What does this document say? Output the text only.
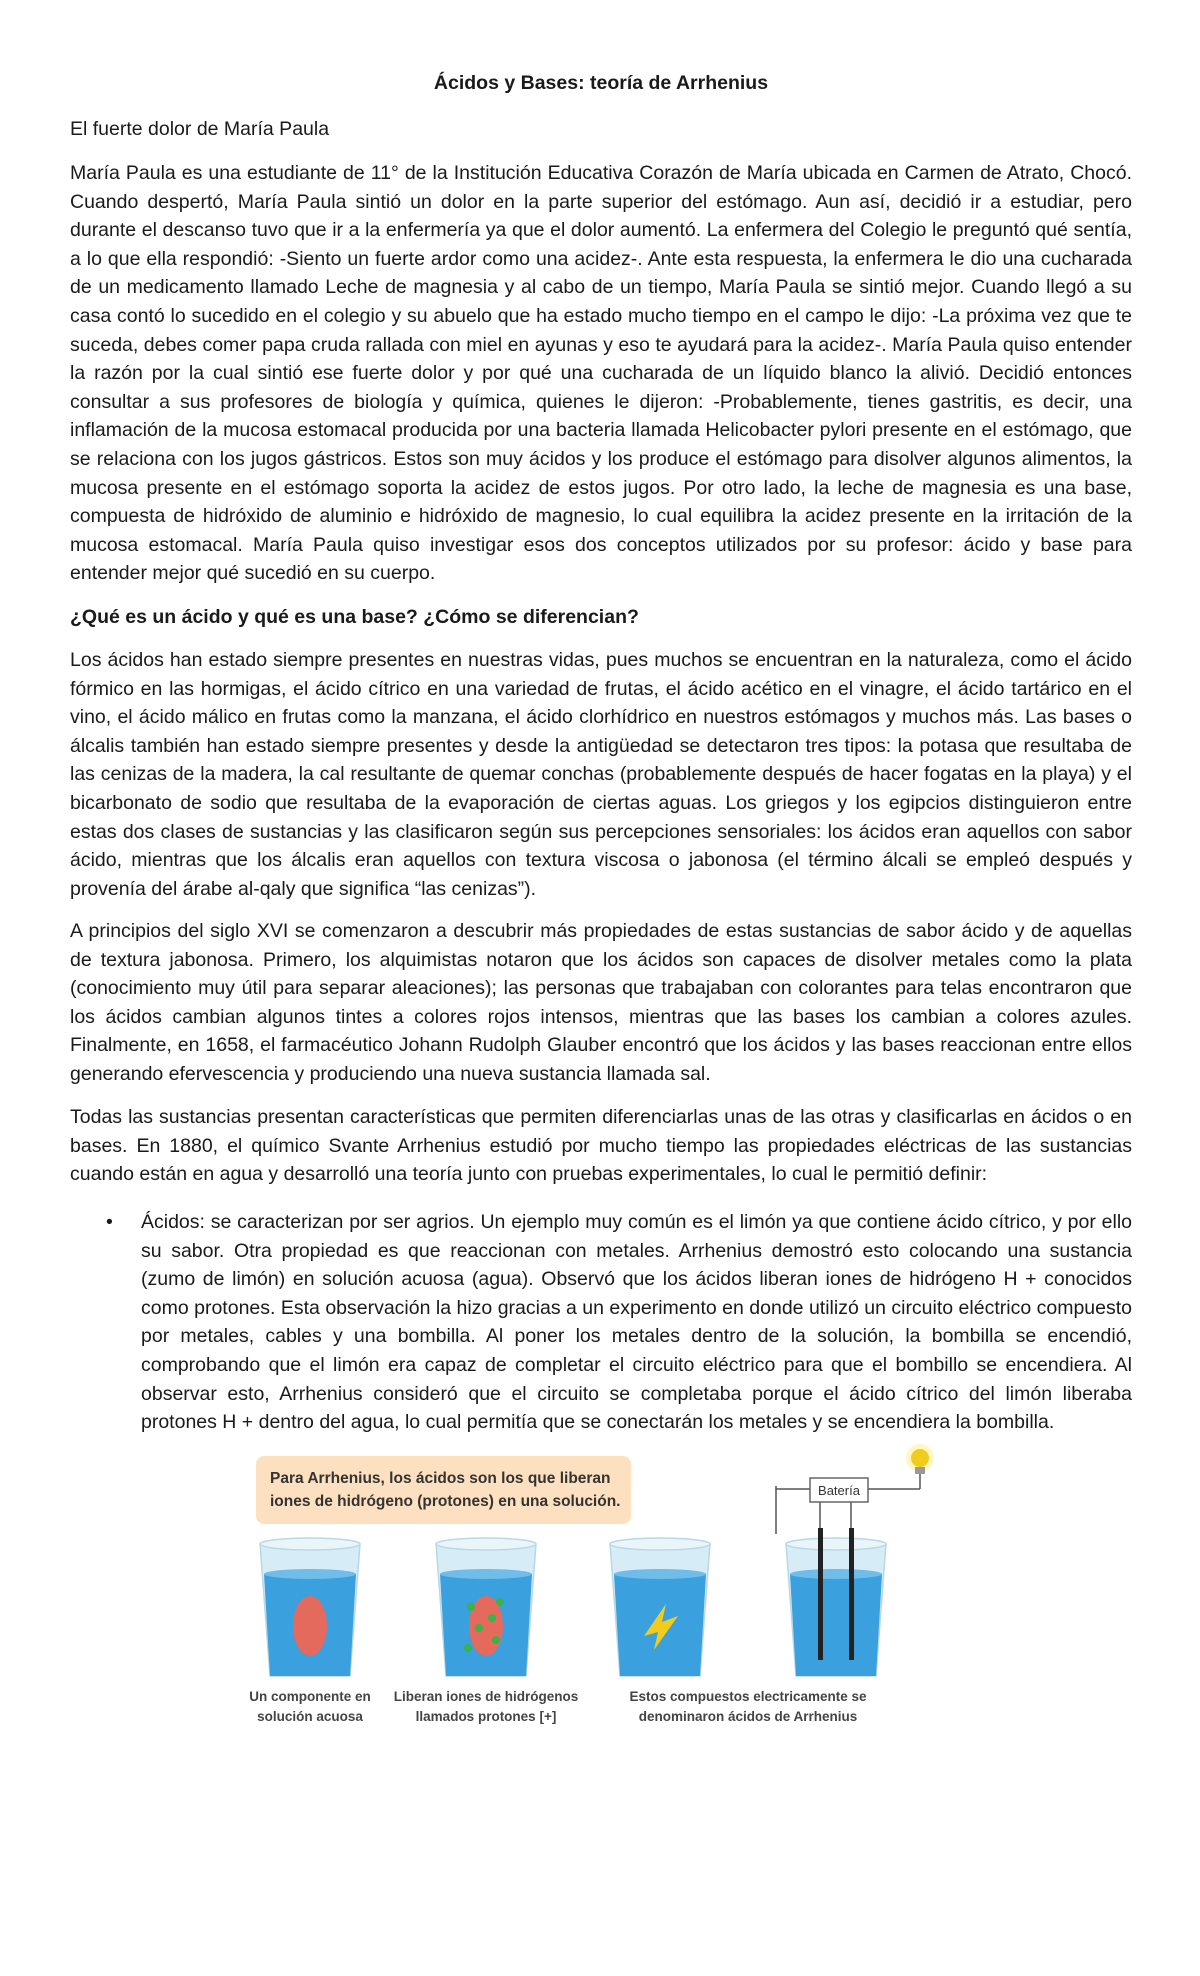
Ácidos y Bases: teoría de Arrhenius
El fuerte dolor de María Paula

María Paula es una estudiante de 11° de la Institución Educativa Corazón de María ubicada en Carmen de Atrato, Chocó. Cuando despertó, María Paula sintió un dolor en la parte superior del estómago. Aun así, decidió ir a estudiar, pero durante el descanso tuvo que ir a la enfermería ya que el dolor aumentó. La enfermera del Colegio le preguntó qué sentía, a lo que ella respondió: -Siento un fuerte ardor como una acidez-. Ante esta respuesta, la enfermera le dio una cucharada de un medicamento llamado Leche de magnesia y al cabo de un tiempo, María Paula se sintió mejor. Cuando llegó a su casa contó lo sucedido en el colegio y su abuelo que ha estado mucho tiempo en el campo le dijo: -La próxima vez que te suceda, debes comer papa cruda rallada con miel en ayunas y eso te ayudará para la acidez-. María Paula quiso entender la razón por la cual sintió ese fuerte dolor y por qué una cucharada de un líquido blanco la alivió. Decidió entonces consultar a sus profesores de biología y química, quienes le dijeron: -Probablemente, tienes gastritis, es decir, una inflamación de la mucosa estomacal producida por una bacteria llamada Helicobacter pylori presente en el estómago, que se relaciona con los jugos gástricos. Estos son muy ácidos y los produce el estómago para disolver algunos alimentos, la mucosa presente en el estómago soporta la acidez de estos jugos. Por otro lado, la leche de magnesia es una base, compuesta de hidróxido de aluminio e hidróxido de magnesio, lo cual equilibra la acidez presente en la irritación de la mucosa estomacal. María Paula quiso investigar esos dos conceptos utilizados por su profesor: ácido y base para entender mejor qué sucedió en su cuerpo.

¿Qué es un ácido y qué es una base? ¿Cómo se diferencian?

Los ácidos han estado siempre presentes en nuestras vidas, pues muchos se encuentran en la naturaleza, como el ácido fórmico en las hormigas, el ácido cítrico en una variedad de frutas, el ácido acético en el vinagre, el ácido tartárico en el vino, el ácido málico en frutas como la manzana, el ácido clorhídrico en nuestros estómagos y muchos más. Las bases o álcalis también han estado siempre presentes y desde la antigüedad se detectaron tres tipos: la potasa que resultaba de las cenizas de la madera, la cal resultante de quemar conchas (probablemente después de hacer fogatas en la playa) y el bicarbonato de sodio que resultaba de la evaporación de ciertas aguas. Los griegos y los egipcios distinguieron entre estas dos clases de sustancias y las clasificaron según sus percepciones sensoriales: los ácidos eran aquellos con sabor ácido, mientras que los álcalis eran aquellos con textura viscosa o jabonosa (el término álcali se empleó después y provenía del árabe al-qaly que significa “las cenizas”).

A principios del siglo XVI se comenzaron a descubrir más propiedades de estas sustancias de sabor ácido y de aquellas de textura jabonosa. Primero, los alquimistas notaron que los ácidos son capaces de disolver metales como la plata (conocimiento muy útil para separar aleaciones); las personas que trabajaban con colorantes para telas encontraron que los ácidos cambian algunos tintes a colores rojos intensos, mientras que las bases los cambian a colores azules. Finalmente, en 1658, el farmacéutico Johann Rudolph Glauber encontró que los ácidos y las bases reaccionan entre ellos generando efervescencia y produciendo una nueva sustancia llamada sal.

Todas las sustancias presentan características que permiten diferenciarlas unas de las otras y clasificarlas en ácidos o en bases. En 1880, el químico Svante Arrhenius estudió por mucho tiempo las propiedades eléctricas de las sustancias cuando están en agua y desarrolló una teoría junto con pruebas experimentales, lo cual le permitió definir:

• Ácidos: se caracterizan por ser agrios. Un ejemplo muy común es el limón ya que contiene ácido cítrico, y por ello su sabor. Otra propiedad es que reaccionan con metales. Arrhenius demostró esto colocando una sustancia (zumo de limón) en solución acuosa (agua). Observó que los ácidos liberan iones de hidrógeno H + conocidos como protones. Esta observación la hizo gracias a un experimento en donde utilizó un circuito eléctrico compuesto por metales, cables y una bombilla. Al poner los metales dentro de la solución, la bombilla se encendió, comprobando que el limón era capaz de completar el circuito eléctrico para que el bombillo se encendiera. Al observar esto, Arrhenius consideró que el circuito se completaba porque el ácido cítrico del limón liberaba protones H + dentro del agua, lo cual permitía que se conectarán los metales y se encendiera la bombilla.

Para Arrhenius, los ácidos son los que liberan
iones de hidrógeno (protones) en una solución.
Batería
Un componente en
solución acuosa
Liberan iones de hidrógenos
llamados protones [+]
Estos compuestos electricamente se
denominaron ácidos de Arrhenius
